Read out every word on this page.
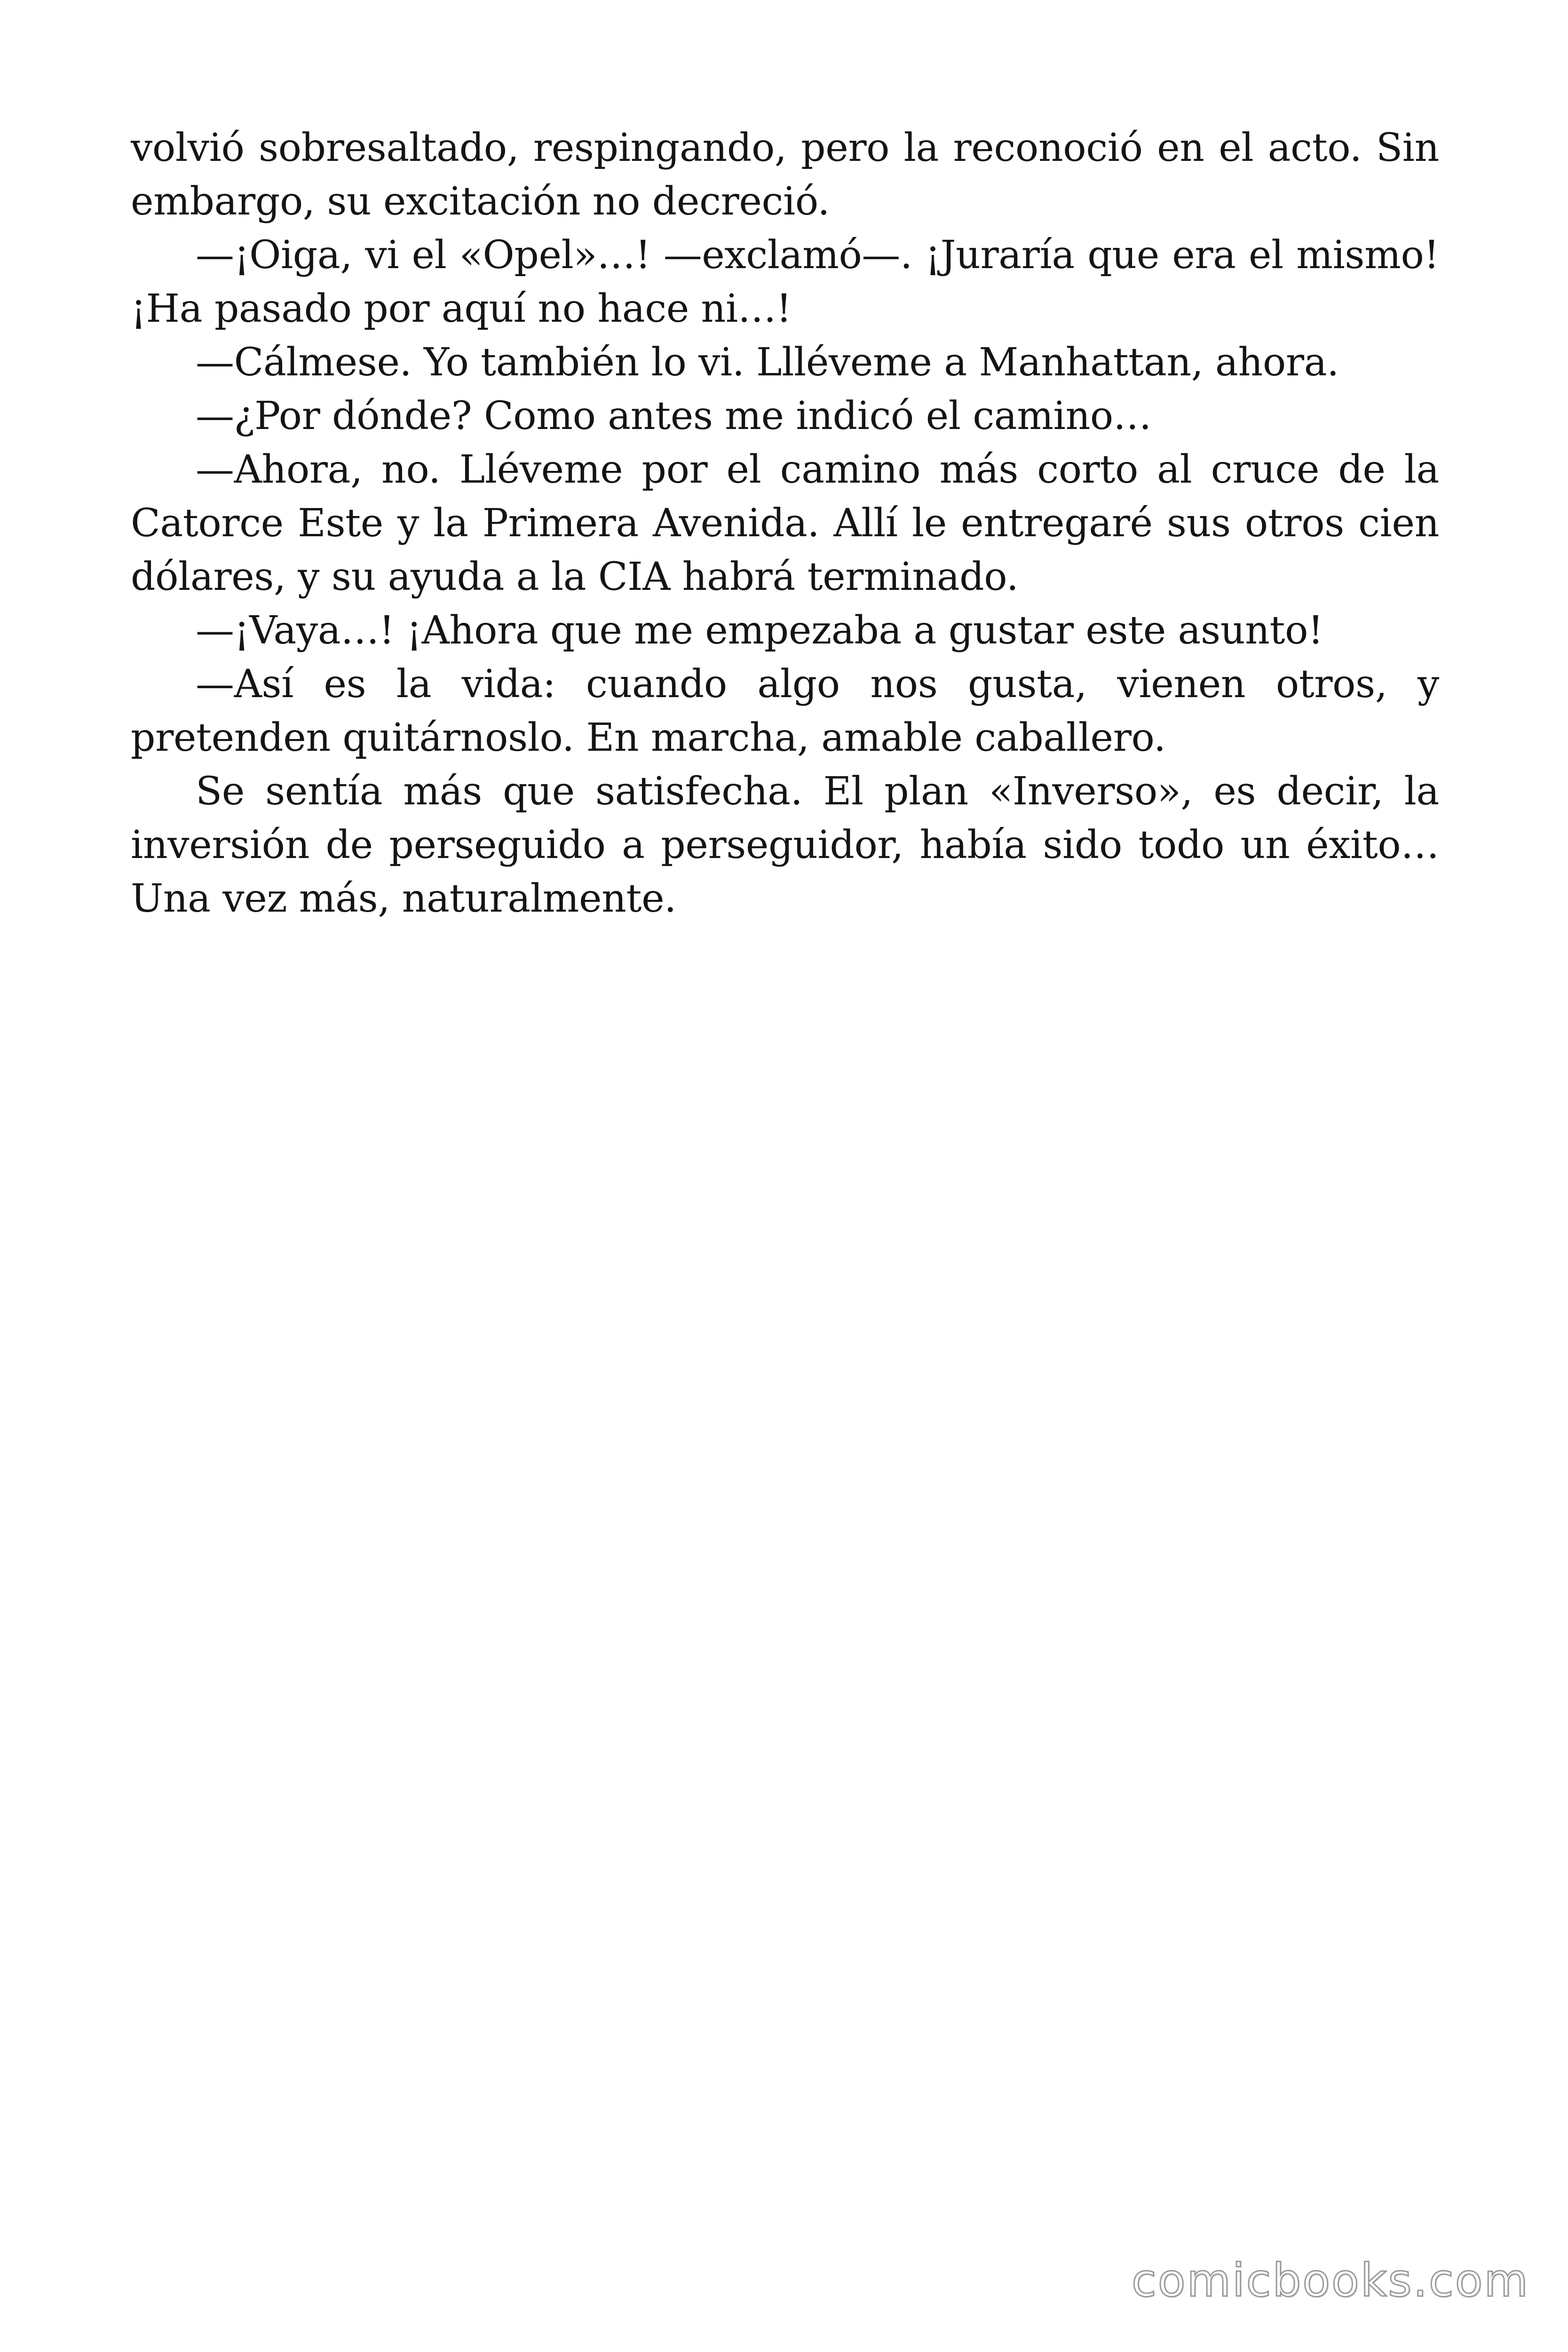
volvió sobresaltado, respingando, pero la reconoció en el acto. Sin embargo, su excitación no decreció.

—¡Oiga, vi el «Opel»…! —exclamó—. ¡Juraría que era el mismo! ¡Ha pasado por aquí no hace ni…!

—Cálmese. Yo también lo vi. Llléveme a Manhattan, ahora.

—¿Por dónde? Como antes me indicó el camino…

—Ahora, no. Lléveme por el camino más corto al cruce de la Catorce Este y la Primera Avenida. Allí le entregaré sus otros cien dólares, y su ayuda a la CIA habrá terminado.

—¡Vaya…! ¡Ahora que me empezaba a gustar este asunto!

—Así es la vida: cuando algo nos gusta, vienen otros, y pretenden quitárnoslo. En marcha, amable caballero.

Se sentía más que satisfecha. El plan «Inverso», es decir, la inversión de perseguido a perseguidor, había sido todo un éxito… Una vez más, naturalmente.

comicbooks.com
